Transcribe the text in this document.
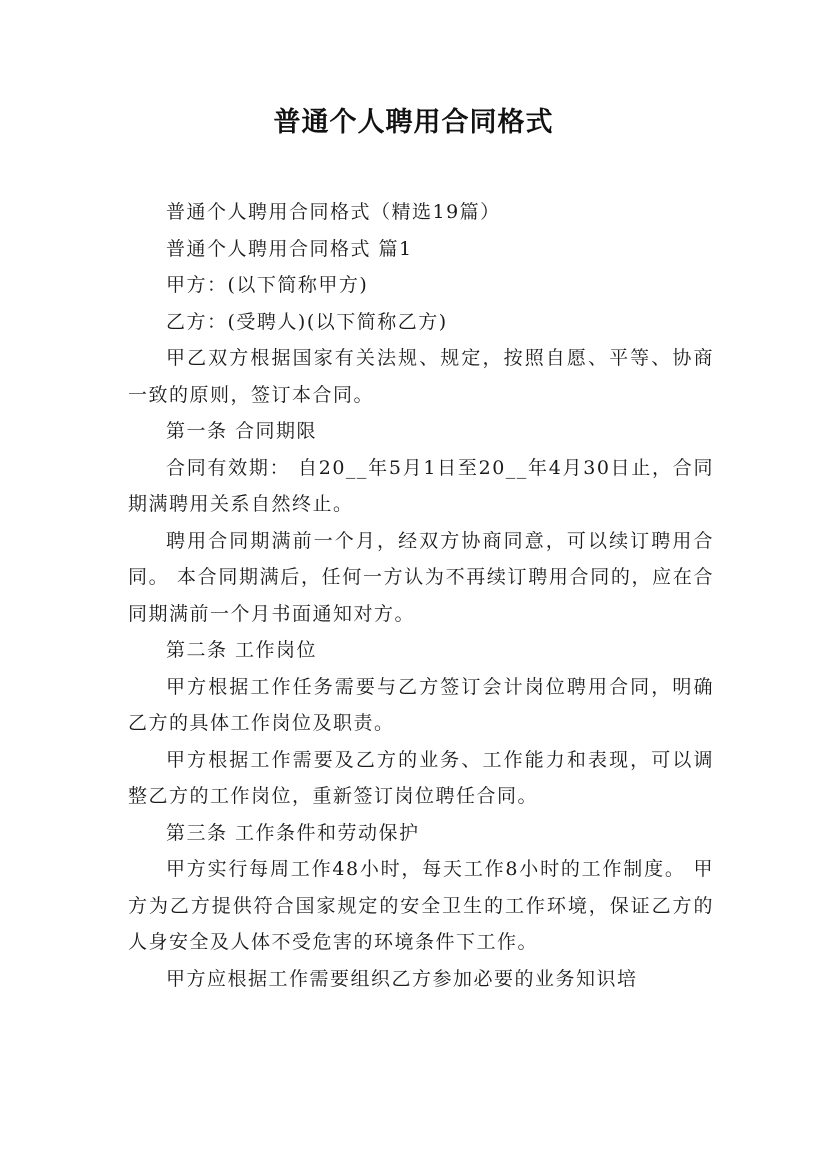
普通个人聘用合同格式

普通个人聘用合同格式（精选19篇）

普通个人聘用合同格式 篇1

甲方：(以下简称甲方)

乙方：(受聘人)(以下简称乙方)

甲乙双方根据国家有关法规、规定，按照自愿、平等、协商一致的原则，签订本合同。

第一条 合同期限

合同有效期： 自20__年5月1日至20__年4月30日止，合同期满聘用关系自然终止。

聘用合同期满前一个月，经双方协商同意，可以续订聘用合同。 本合同期满后，任何一方认为不再续订聘用合同的，应在合同期满前一个月书面通知对方。

第二条 工作岗位

甲方根据工作任务需要与乙方签订会计岗位聘用合同，明确乙方的具体工作岗位及职责。

甲方根据工作需要及乙方的业务、工作能力和表现，可以调整乙方的工作岗位，重新签订岗位聘任合同。

第三条 工作条件和劳动保护

甲方实行每周工作48小时，每天工作8小时的工作制度。 甲方为乙方提供符合国家规定的安全卫生的工作环境，保证乙方的人身安全及人体不受危害的环境条件下工作。

甲方应根据工作需要组织乙方参加必要的业务知识培
